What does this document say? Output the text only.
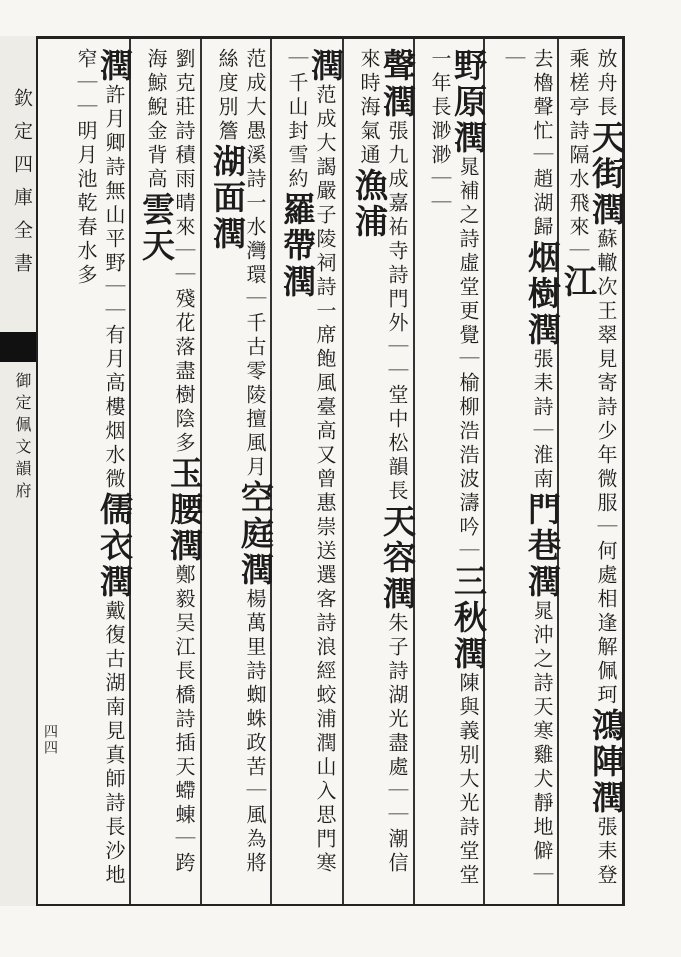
欽定四庫全書
御定佩文韻府
四四
放舟長天街潤蘇轍次王翠見寄詩少年微服｜何處相逢解佩珂鴻陣潤張耒登乘槎亭詩隔水飛來｜江
去櫓聲忙｜趙湖歸烟樹潤張耒詩｜淮南門巷潤晁沖之詩天寒雞犬靜地僻｜｜
野原潤晁補之詩虛堂更覺｜榆柳浩浩波濤吟｜三秋潤陳與義别大光詩堂堂一年長渺渺｜｜
聲潤張九成嘉祐寺詩門外｜｜堂中松韻長天容潤朱子詩湖光盡處｜｜潮信來時海氣通漁浦
潤范成大謁嚴子陵祠詩一席飽風臺高又曾惠崇送選客詩浪經蛟浦潤山入思門寒｜千山封雪約羅帶潤
范成大愚溪詩一水灣環｜千古零陵擅風月空庭潤楊萬里詩蜘蛛政苦｜風為將絲度別簷湖面潤
劉克莊詩積雨晴來｜｜殘花落盡樹陰多玉腰潤鄭毅吴江長橋詩插天螮蝀｜跨海鯨鯢金背高雲天
潤許月卿詩無山平野｜｜有月高樓烟水微儒衣潤戴復古湖南見真師詩長沙地窄｜｜明月池乾春水多
